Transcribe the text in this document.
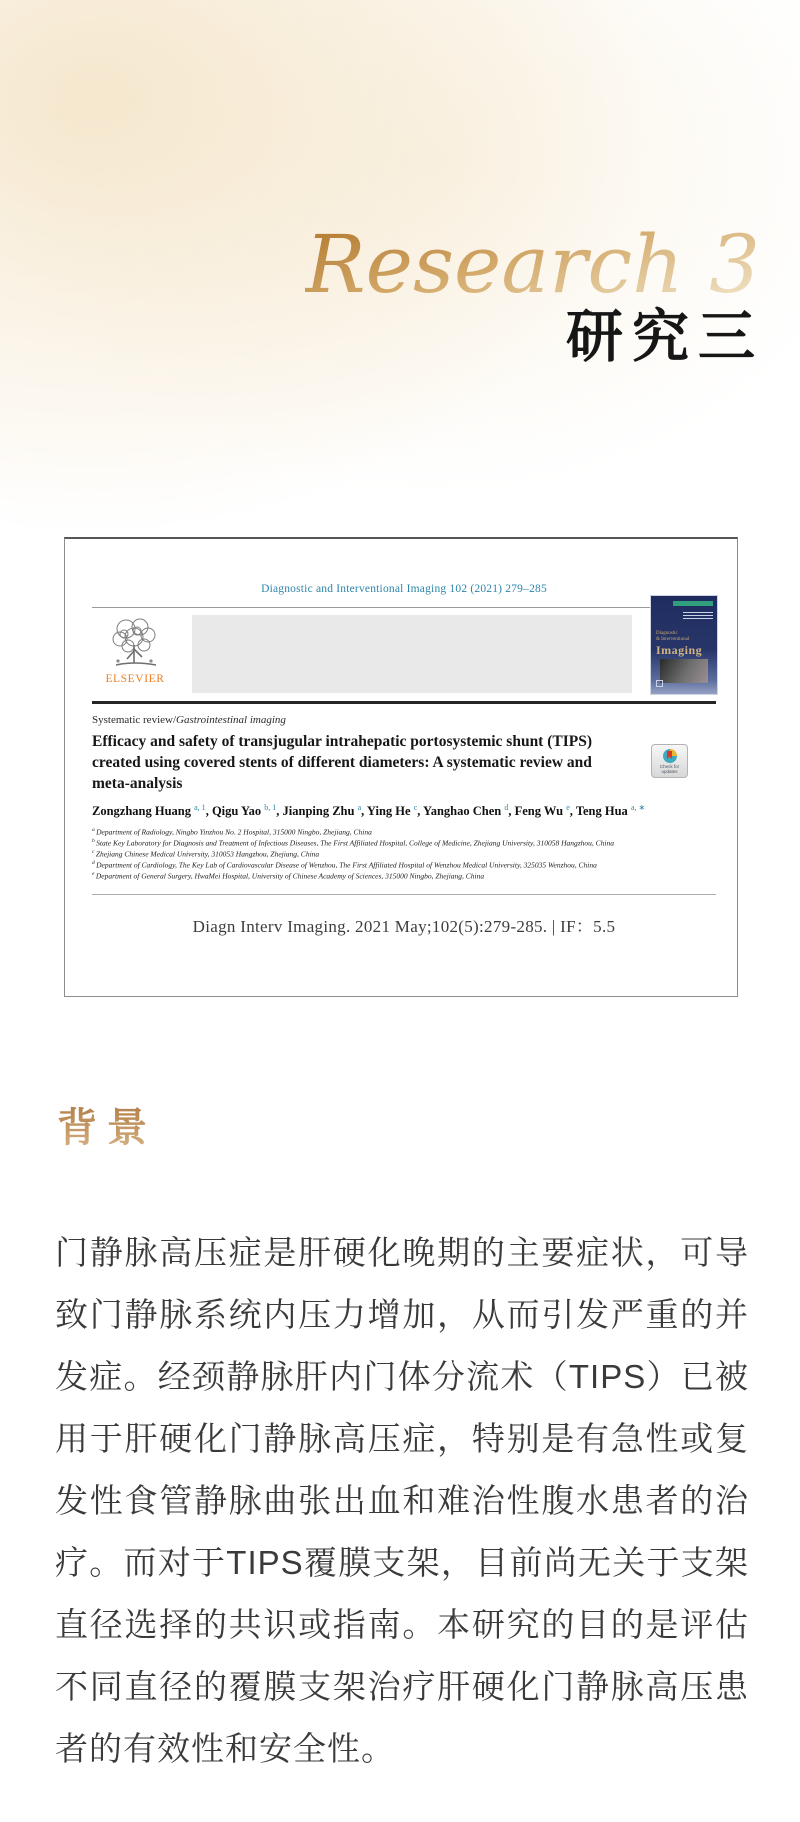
Research 3
研究三
Diagnostic and Interventional Imaging 102 (2021) 279–285
ELSEVIER
Diagnostic
& Interventional
Imaging
Systematic review/Gastrointestinal imaging
Efficacy and safety of transjugular intrahepatic portosystemic shunt (TIPS) created using covered stents of different diameters: A systematic review and meta-analysis
Check for
updates
Zongzhang Huang $^{a, 1}$, Qigu Yao $^{b, 1}$, Jianping Zhu $^a$, Ying He $^c$, Yanghao Chen $^d$, Feng Wu $^e$, Teng Hua $^{a, ∗}$
$^a$ Department of Radiology, Ningbo Yinzhou No. 2 Hospital, 315000 Ningbo, Zhejiang, China
$^b$ State Key Laboratory for Diagnosis and Treatment of Infectious Diseases, The First Affiliated Hospital, College of Medicine, Zhejiang University, 310058 Hangzhou, China
$^c$ Zhejiang Chinese Medical University, 310053 Hangzhou, Zhejiang, China
$^d$ Department of Cardiology, The Key Lab of Cardiovascular Disease of Wenzhou, The First Affiliated Hospital of Wenzhou Medical University, 325035 Wenzhou, China
$^e$ Department of General Surgery, HwaMei Hospital, University of Chinese Academy of Sciences, 315000 Ningbo, Zhejiang, China
Diagn Interv Imaging. 2021 May;102(5):279-285. | IF：5.5
背景

门静脉高压症是肝硬化晚期的主要症状，可导致门静脉系统内压力增加，从而引发严重的并发症。经颈静脉肝内门体分流术（TIPS）已被用于肝硬化门静脉高压症，特别是有急性或复发性食管静脉曲张出血和难治性腹水患者的治疗。而对于TIPS覆膜支架，目前尚无关于支架直径选择的共识或指南。本研究的目的是评估不同直径的覆膜支架治疗肝硬化门静脉高压患者的有效性和安全性。
